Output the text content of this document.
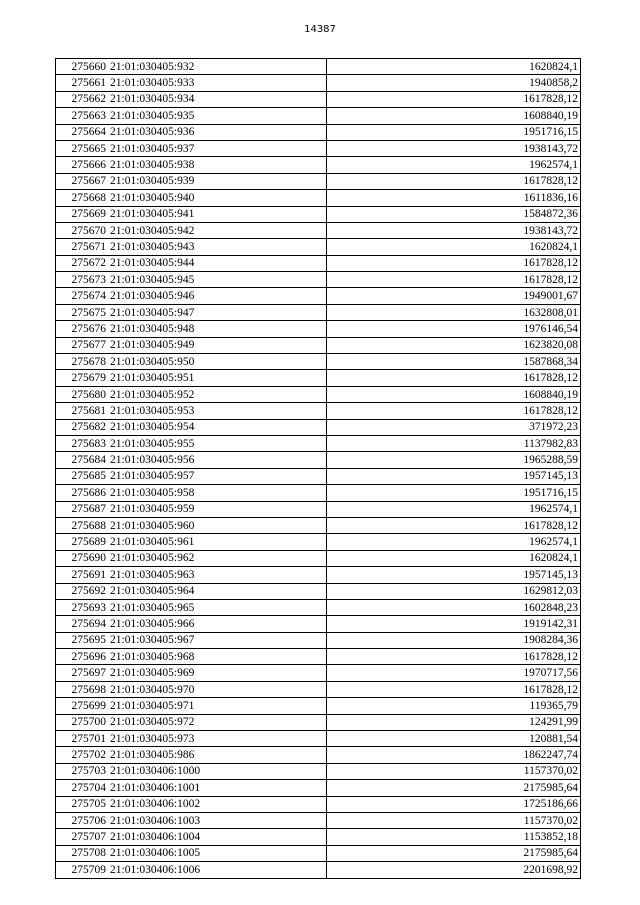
14387
275660	21:01:030405:932	1620824,1
275661	21:01:030405:933	1940858,2
275662	21:01:030405:934	1617828,12
275663	21:01:030405:935	1608840,19
275664	21:01:030405:936	1951716,15
275665	21:01:030405:937	1938143,72
275666	21:01:030405:938	1962574,1
275667	21:01:030405:939	1617828,12
275668	21:01:030405:940	1611836,16
275669	21:01:030405:941	1584872,36
275670	21:01:030405:942	1938143,72
275671	21:01:030405:943	1620824,1
275672	21:01:030405:944	1617828,12
275673	21:01:030405:945	1617828,12
275674	21:01:030405:946	1949001,67
275675	21:01:030405:947	1632808,01
275676	21:01:030405:948	1976146,54
275677	21:01:030405:949	1623820,08
275678	21:01:030405:950	1587868,34
275679	21:01:030405:951	1617828,12
275680	21:01:030405:952	1608840,19
275681	21:01:030405:953	1617828,12
275682	21:01:030405:954	371972,23
275683	21:01:030405:955	1137982,83
275684	21:01:030405:956	1965288,59
275685	21:01:030405:957	1957145,13
275686	21:01:030405:958	1951716,15
275687	21:01:030405:959	1962574,1
275688	21:01:030405:960	1617828,12
275689	21:01:030405:961	1962574,1
275690	21:01:030405:962	1620824,1
275691	21:01:030405:963	1957145,13
275692	21:01:030405:964	1629812,03
275693	21:01:030405:965	1602848,23
275694	21:01:030405:966	1919142,31
275695	21:01:030405:967	1908284,36
275696	21:01:030405:968	1617828,12
275697	21:01:030405:969	1970717,56
275698	21:01:030405:970	1617828,12
275699	21:01:030405:971	119365,79
275700	21:01:030405:972	124291,99
275701	21:01:030405:973	120881,54
275702	21:01:030405:986	1862247,74
275703	21:01:030406:1000	1157370,02
275704	21:01:030406:1001	2175985,64
275705	21:01:030406:1002	1725186,66
275706	21:01:030406:1003	1157370,02
275707	21:01:030406:1004	1153852,18
275708	21:01:030406:1005	2175985,64
275709	21:01:030406:1006	2201698,92
